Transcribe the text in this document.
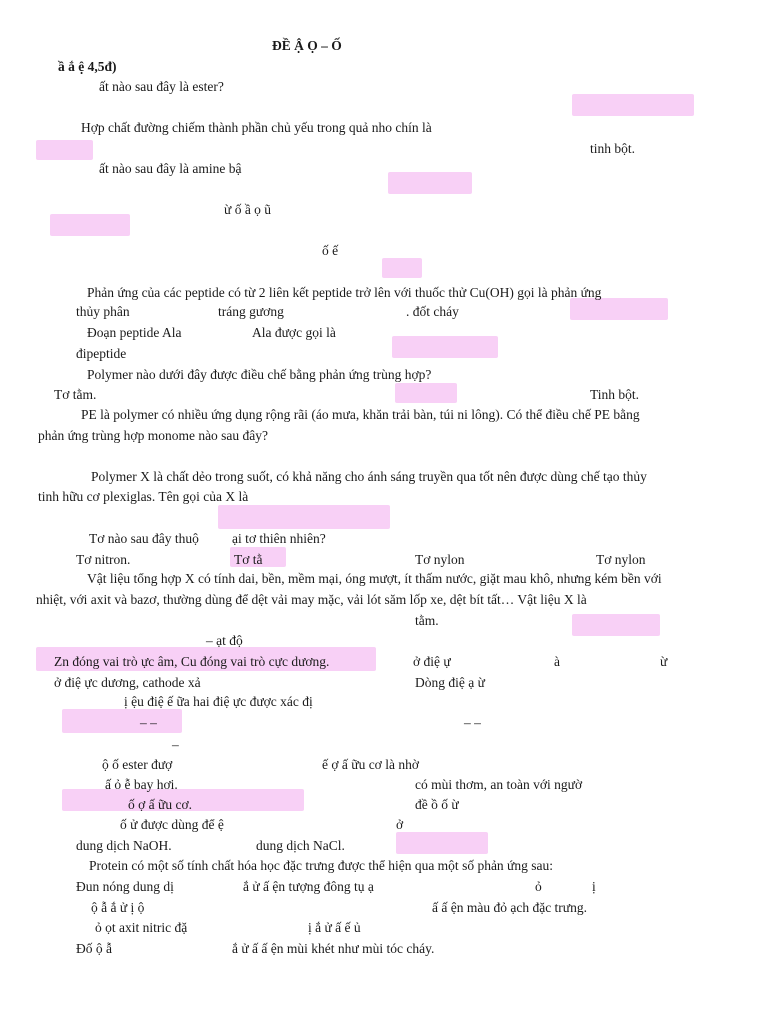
ĐỀ Ậ Ọ – Ố
ầ ắ ệ 4,5đ)
ất nào sau đây là ester?
Hợp chất đường chiếm thành phần chủ yếu trong quả nho chín là
tinh bột.
ất nào sau đây là amine bậ
ừ ố ầ ọ ũ
ố ế
Phản ứng của các peptide có từ 2 liên kết peptide trở lên với thuốc thử Cu(OH) gọi là phản ứng
thủy phân	tráng gương	. đốt cháy
Đoạn peptide Ala	Ala được gọi là
đipeptide
Polymer nào dưới đây được điều chế bằng phản ứng trùng hợp?
Tơ tằm.	Tinh bột.
PE là polymer có nhiều ứng dụng rộng rãi (áo mưa, khăn trải bàn, túi ni lông). Có thể điều chế PE bằng
phản ứng trùng hợp monome nào sau đây?
Polymer X là chất dẻo trong suốt, có khả năng cho ánh sáng truyền qua tốt nên được dùng chế tạo thủy
tinh hữu cơ plexiglas. Tên gọi của X là
Tơ nào sau đây thuộ ại tơ thiên nhiên?
Tơ nitron.	Tơ tằ	Tơ nylon	Tơ nylon
Vật liệu tổng hợp X có tính dai, bền, mềm mại, óng mượt, ít thấm nước, giặt mau khô, nhưng kém bền với
nhiệt, với axit và bazơ, thường dùng để dệt vải may mặc, vải lót săm lốp xe, dệt bít tất… Vật liệu X là
tằm.
– ạt độ
Zn đóng vai trò ực âm, Cu đóng vai trò cực dương.	ở điệ ự	à	ừ
ở điệ ực dương, cathode xả	Dòng điệ ạ ừ
ị ệu điệ ế ữa hai điệ ực được xác đị
– –	– –
–
ộ ố ester đượ	ế ợ ấ ữu cơ là nhờ
ấ ỏ ễ bay hơi.	có mùi thơm, an toàn với ngườ
ố ợ ấ ữu cơ.	đề ồ ố ừ
ố ử được dùng để ệ	ở
dung dịch NaOH.	dung dịch NaCl.
Protein có một số tính chất hóa học đặc trưng được thể hiện qua một số phản ứng sau:
Đun nóng dung dị	ắ ử ấ ện tượng đông tụ ạ	ỏ	ị
ộ ẫ ắ ử ị ộ	ấ ấ ện màu đỏ ạch đặc trưng.
ỏ ọt axit nitric đặ	ị ắ ử ấ ế ủ
Đố ộ ẫ	ắ ử ấ ấ ện mùi khét như mùi tóc cháy.
